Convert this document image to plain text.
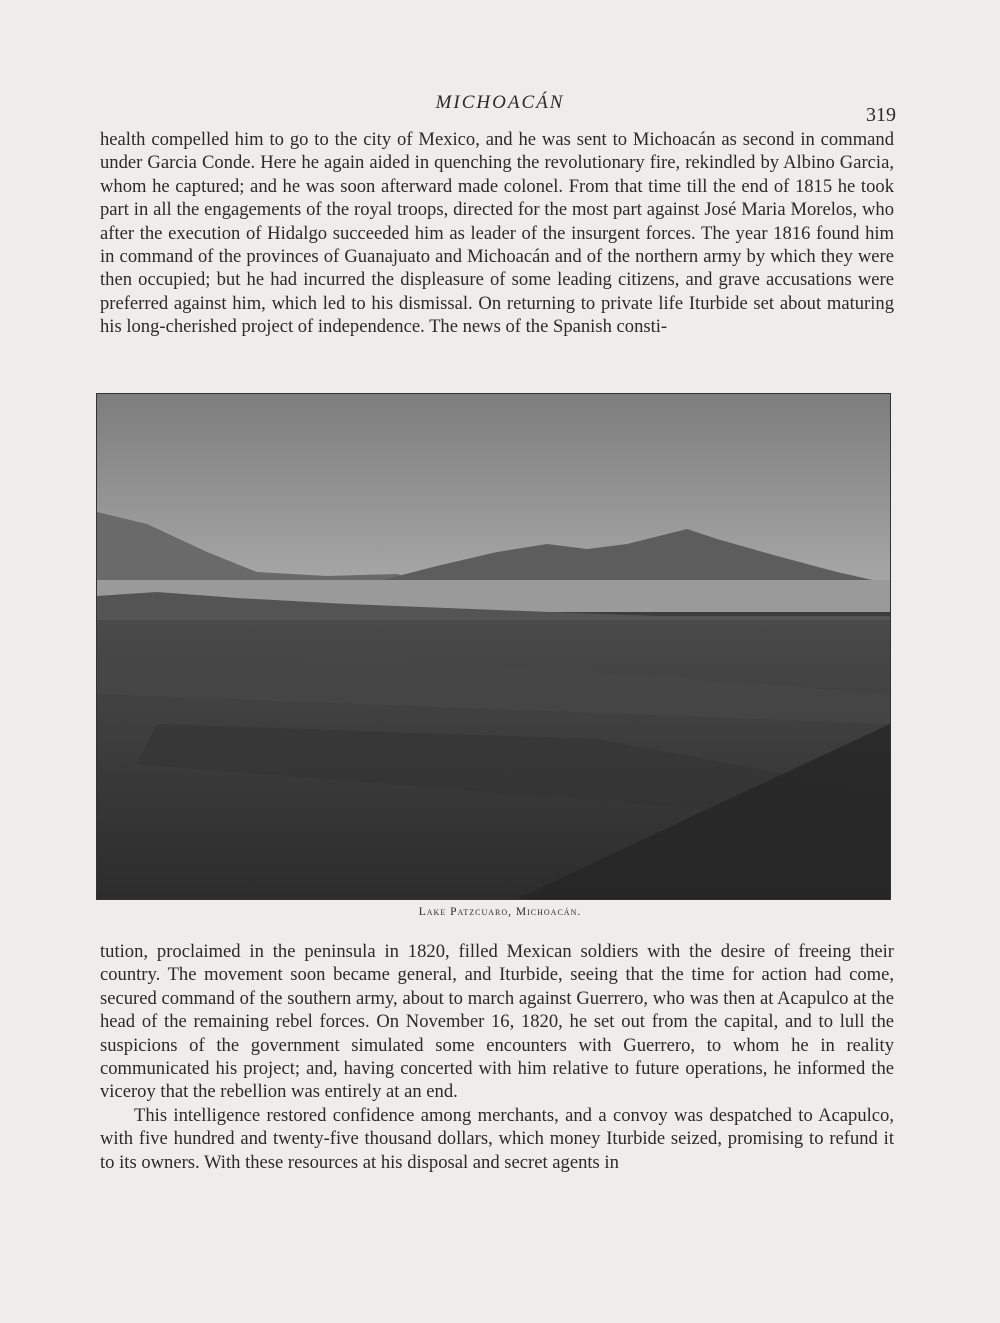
MICHOACÁN
319

health compelled him to go to the city of Mexico, and he was sent to Michoacán as second in command under Garcia Conde. Here he again aided in quenching the revolutionary fire, rekindled by Albino Garcia, whom he captured; and he was soon afterward made colonel. From that time till the end of 1815 he took part in all the engagements of the royal troops, directed for the most part against José Maria Morelos, who after the execution of Hidalgo succeeded him as leader of the insurgent forces. The year 1816 found him in command of the provinces of Guanajuato and Michoacán and of the northern army by which they were then occupied; but he had incurred the displeasure of some leading citizens, and grave accusations were preferred against him, which led to his dismissal. On returning to private life Iturbide set about maturing his long-cherished project of independence. The news of the Spanish consti-

Lake Patzcuaro, Michoacán.

tution, proclaimed in the peninsula in 1820, filled Mexican soldiers with the desire of freeing their country. The movement soon became general, and Iturbide, seeing that the time for action had come, secured command of the southern army, about to march against Guerrero, who was then at Acapulco at the head of the remaining rebel forces. On November 16, 1820, he set out from the capital, and to lull the suspicions of the government simulated some encounters with Guerrero, to whom he in reality communicated his project; and, having concerted with him relative to future operations, he informed the viceroy that the rebellion was entirely at an end.

This intelligence restored confidence among merchants, and a convoy was despatched to Acapulco, with five hundred and twenty-five thousand dollars, which money Iturbide seized, promising to refund it to its owners. With these resources at his disposal and secret agents in
